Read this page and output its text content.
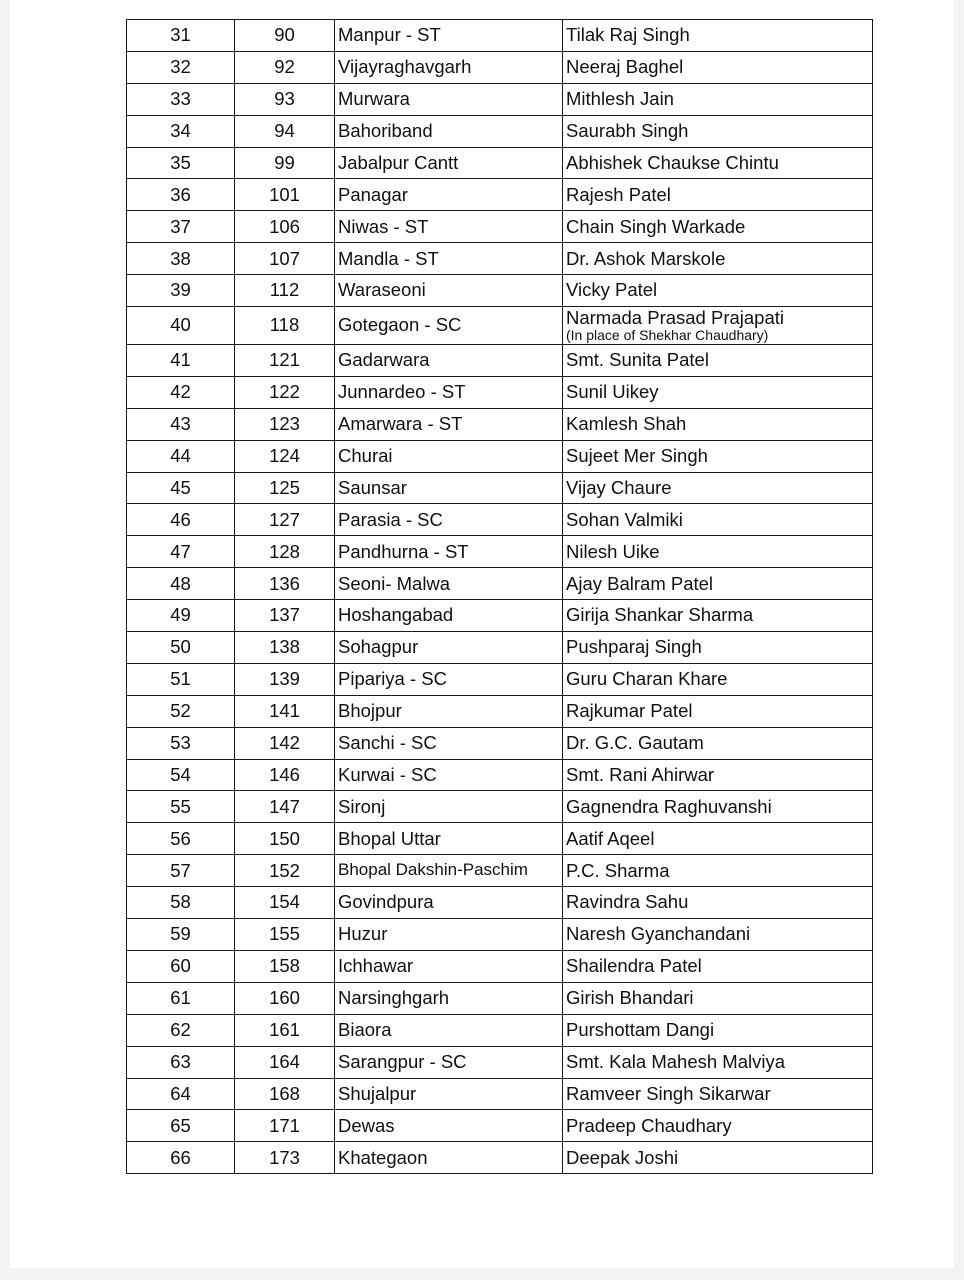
31	90	Manpur - ST	Tilak Raj Singh

32	92	Vijayraghavgarh	Neeraj Baghel

33	93	Murwara	Mithlesh Jain

34	94	Bahoriband	Saurabh Singh

35	99	Jabalpur Cantt	Abhishek Chaukse Chintu

36	101	Panagar	Rajesh Patel

37	106	Niwas - ST	Chain Singh Warkade

38	107	Mandla - ST	Dr. Ashok Marskole

39	112	Waraseoni	Vicky Patel

40	118	Gotegaon - SC	Narmada Prasad Prajapati
(In place of Shekhar Chaudhary)

41	121	Gadarwara	Smt. Sunita Patel

42	122	Junnardeo - ST	Sunil Uikey

43	123	Amarwara - ST	Kamlesh Shah

44	124	Churai	Sujeet Mer Singh

45	125	Saunsar	Vijay Chaure

46	127	Parasia - SC	Sohan Valmiki

47	128	Pandhurna - ST	Nilesh Uike

48	136	Seoni- Malwa	Ajay Balram Patel

49	137	Hoshangabad	Girija Shankar Sharma

50	138	Sohagpur	Pushparaj Singh

51	139	Pipariya - SC	Guru Charan Khare

52	141	Bhojpur	Rajkumar Patel

53	142	Sanchi - SC	Dr. G.C. Gautam

54	146	Kurwai - SC	Smt. Rani Ahirwar

55	147	Sironj	Gagnendra Raghuvanshi

56	150	Bhopal Uttar	Aatif Aqeel

57	152	Bhopal Dakshin-Paschim	P.C. Sharma

58	154	Govindpura	Ravindra Sahu

59	155	Huzur	Naresh Gyanchandani

60	158	Ichhawar	Shailendra Patel

61	160	Narsinghgarh	Girish Bhandari

62	161	Biaora	Purshottam Dangi

63	164	Sarangpur - SC	Smt. Kala Mahesh Malviya

64	168	Shujalpur	Ramveer Singh Sikarwar

65	171	Dewas	Pradeep Chaudhary

66	173	Khategaon	Deepak Joshi
